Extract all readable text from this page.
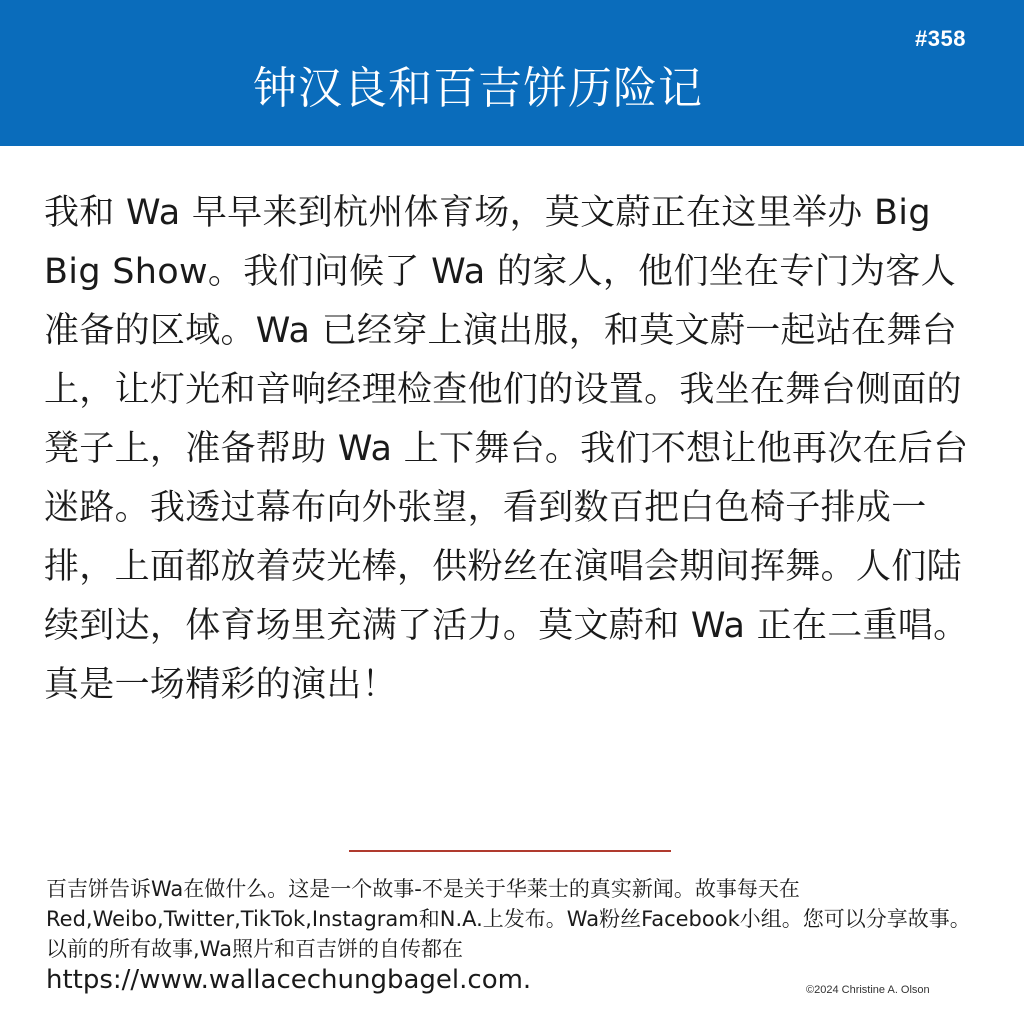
#358
钟汉良和百吉饼历险记

我和 Wa 早早来到杭州体育场，莫文蔚正在这里举办 Big Big Show。我们问候了 Wa 的家人，他们坐在专门为客人准备的区域。Wa 已经穿上演出服，和莫文蔚一起站在舞台上，让灯光和音响经理检查他们的设置。我坐在舞台侧面的凳子上，准备帮助 Wa 上下舞台。我们不想让他再次在后台迷路。我透过幕布向外张望，看到数百把白色椅子排成一排，上面都放着荧光棒，供粉丝在演唱会期间挥舞。人们陆续到达，体育场里充满了活力。莫文蔚和 Wa 正在二重唱。真是一场精彩的演出！

百吉饼告诉Wa在做什么。这是一个故事-不是关于华莱士的真实新闻。故事每天在Red,Weibo,Twitter,TikTok,Instagram和N.A.上发布。Wa粉丝Facebook小组。您可以分享故事。以前的所有故事,Wa照片和百吉饼的自传都在

https://www.wallacechungbagel.com.	©2024 Christine A. Olson
